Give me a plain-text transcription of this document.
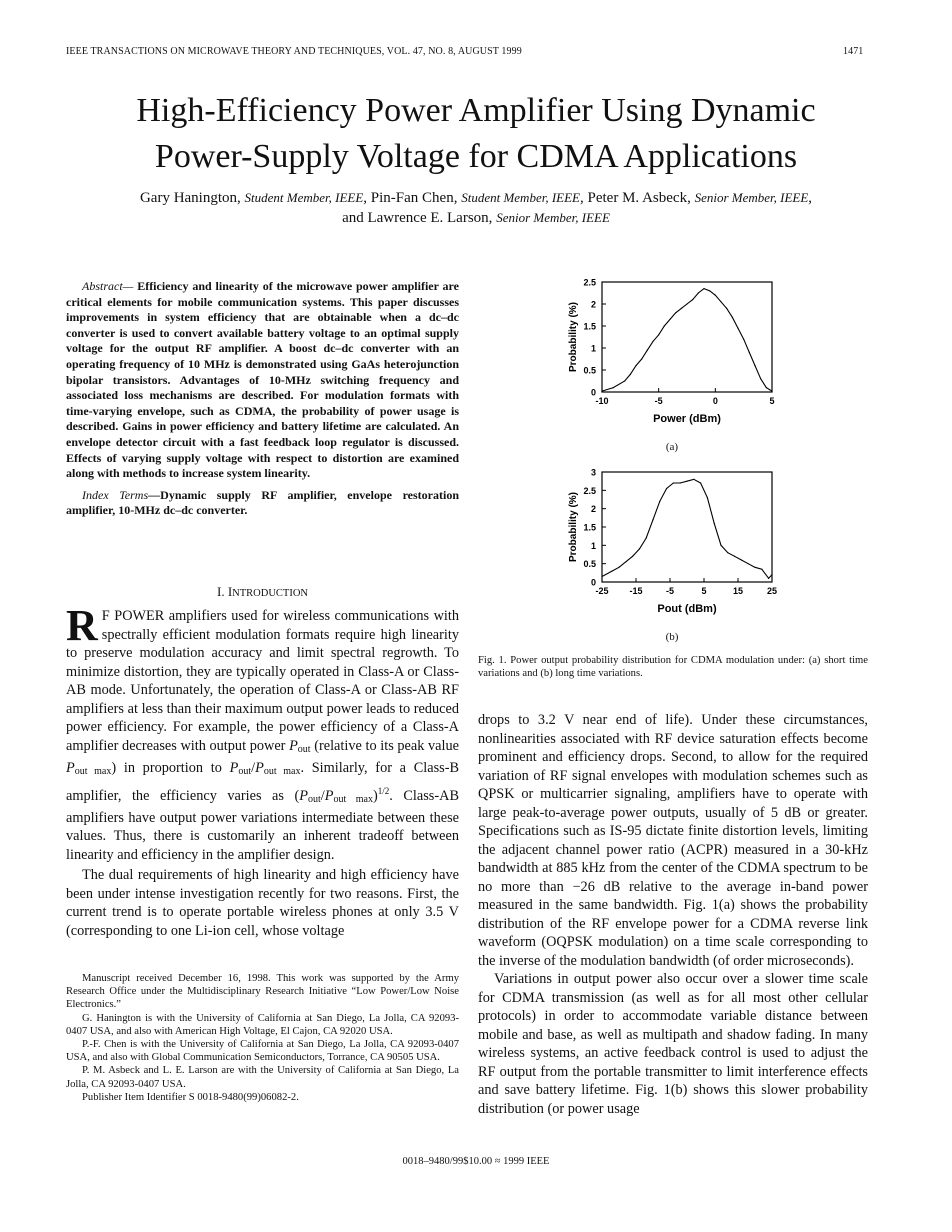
IEEE TRANSACTIONS ON MICROWAVE THEORY AND TECHNIQUES, VOL. 47, NO. 8, AUGUST 1999	1471
High-Efficiency Power Amplifier Using Dynamic
Power-Supply Voltage for CDMA Applications
Gary Hanington, Student Member, IEEE, Pin-Fan Chen, Student Member, IEEE, Peter M. Asbeck, Senior Member, IEEE,
and Lawrence E. Larson, Senior Member, IEEE

Abstract— Efficiency and linearity of the microwave power amplifier are critical elements for mobile communication systems. This paper discusses improvements in system efficiency that are obtainable when a dc–dc converter is used to convert available battery voltage to an optimal supply voltage for the output RF amplifier. A boost dc–dc converter with an operating frequency of 10 MHz is demonstrated using GaAs heterojunction bipolar transistors. Advantages of 10-MHz switching frequency and associated loss mechanisms are described. For modulation formats with time-varying envelope, such as CDMA, the probability of power usage is described. Gains in power efficiency and battery lifetime are calculated. An envelope detector circuit with a fast feedback loop regulator is discussed. Effects of varying supply voltage with respect to distortion are examined along with methods to increase system linearity.

Index Terms—Dynamic supply RF amplifier, envelope restoration amplifier, 10-MHz dc–dc converter.

I. INTRODUCTION

R F POWER amplifiers used for wireless communications with spectrally efficient modulation formats require high linearity to preserve modulation accuracy and limit spectral regrowth. To minimize distortion, they are typically operated in Class-A or Class-AB mode. Unfortunately, the operation of Class-A or Class-AB RF amplifiers at less than their maximum output power leads to reduced power efficiency. For example, the power efficiency of a Class-A amplifier decreases with output power $P_{out}$ (relative to its peak value $P_{out max}$) in proportion to $P_{out}/P_{out max}$. Similarly, for a Class-B amplifier, the efficiency varies as $(P_{out}/P_{out max})^{1/2}$. Class-AB amplifiers have output power variations intermediate between these values. Thus, there is customarily an inherent tradeoff between linearity and efficiency in the amplifier design.

The dual requirements of high linearity and high efficiency have been under intense investigation recently for two reasons. First, the current trend is to operate portable wireless phones at only 3.5 V (corresponding to one Li-ion cell, whose voltage

Manuscript received December 16, 1998. This work was supported by the Army Research Office under the Multidisciplinary Research Initiative “Low Power/Low Noise Electronics.”

G. Hanington is with the University of California at San Diego, La Jolla, CA 92093-0407 USA, and also with American High Voltage, El Cajon, CA 92020 USA.

P.-F. Chen is with the University of California at San Diego, La Jolla, CA 92093-0407 USA, and also with Global Communication Semiconductors, Torrance, CA 90505 USA.

P. M. Asbeck and L. E. Larson are with the University of California at San Diego, La Jolla, CA 92093-0407 USA.

Publisher Item Identifier S 0018-9480(99)06082-2.

0
0.5
1
1.5
2
2.5
-10	-5	0	5
Power (dBm)
Probability (%)
(a)
0
0.5
1
1.5
2
2.5
3
-25 -15	-5	5	15	25
Pout (dBm)
Probability (%)
(b)
Fig. 1. Power output probability distribution for CDMA modulation under: (a) short time variations and (b) long time variations.

drops to 3.2 V near end of life). Under these circumstances, nonlinearities associated with RF device saturation effects become prominent and efficiency drops. Second, to allow for the required variation of RF signal envelopes with modulation schemes such as QPSK or multicarrier signaling, amplifiers have to operate with large peak-to-average power outputs, usually of 5 dB or greater. Specifications such as IS-95 dictate finite distortion levels, limiting the adjacent channel power ratio (ACPR) measured in a 30-kHz bandwidth at 885 kHz from the center of the CDMA spectrum to be no more than −26 dB relative to the average in-band power measured in the same bandwidth. Fig. 1(a) shows the probability distribution of the RF envelope power for a CDMA reverse link waveform (OQPSK modulation) on a time scale corresponding to the inverse of the modulation bandwidth (of order microseconds).

Variations in output power also occur over a slower time scale for CDMA transmission (as well as for all most other cellular protocols) in order to accommodate variable distance between mobile and base, as well as multipath and shadow fading. In many wireless systems, an active feedback control is used to adjust the RF output from the portable transmitter to limit interference effects and save battery lifetime. Fig. 1(b) shows this slower probability distribution (or power usage

0018–9480/99$10.00 ≈ 1999 IEEE
